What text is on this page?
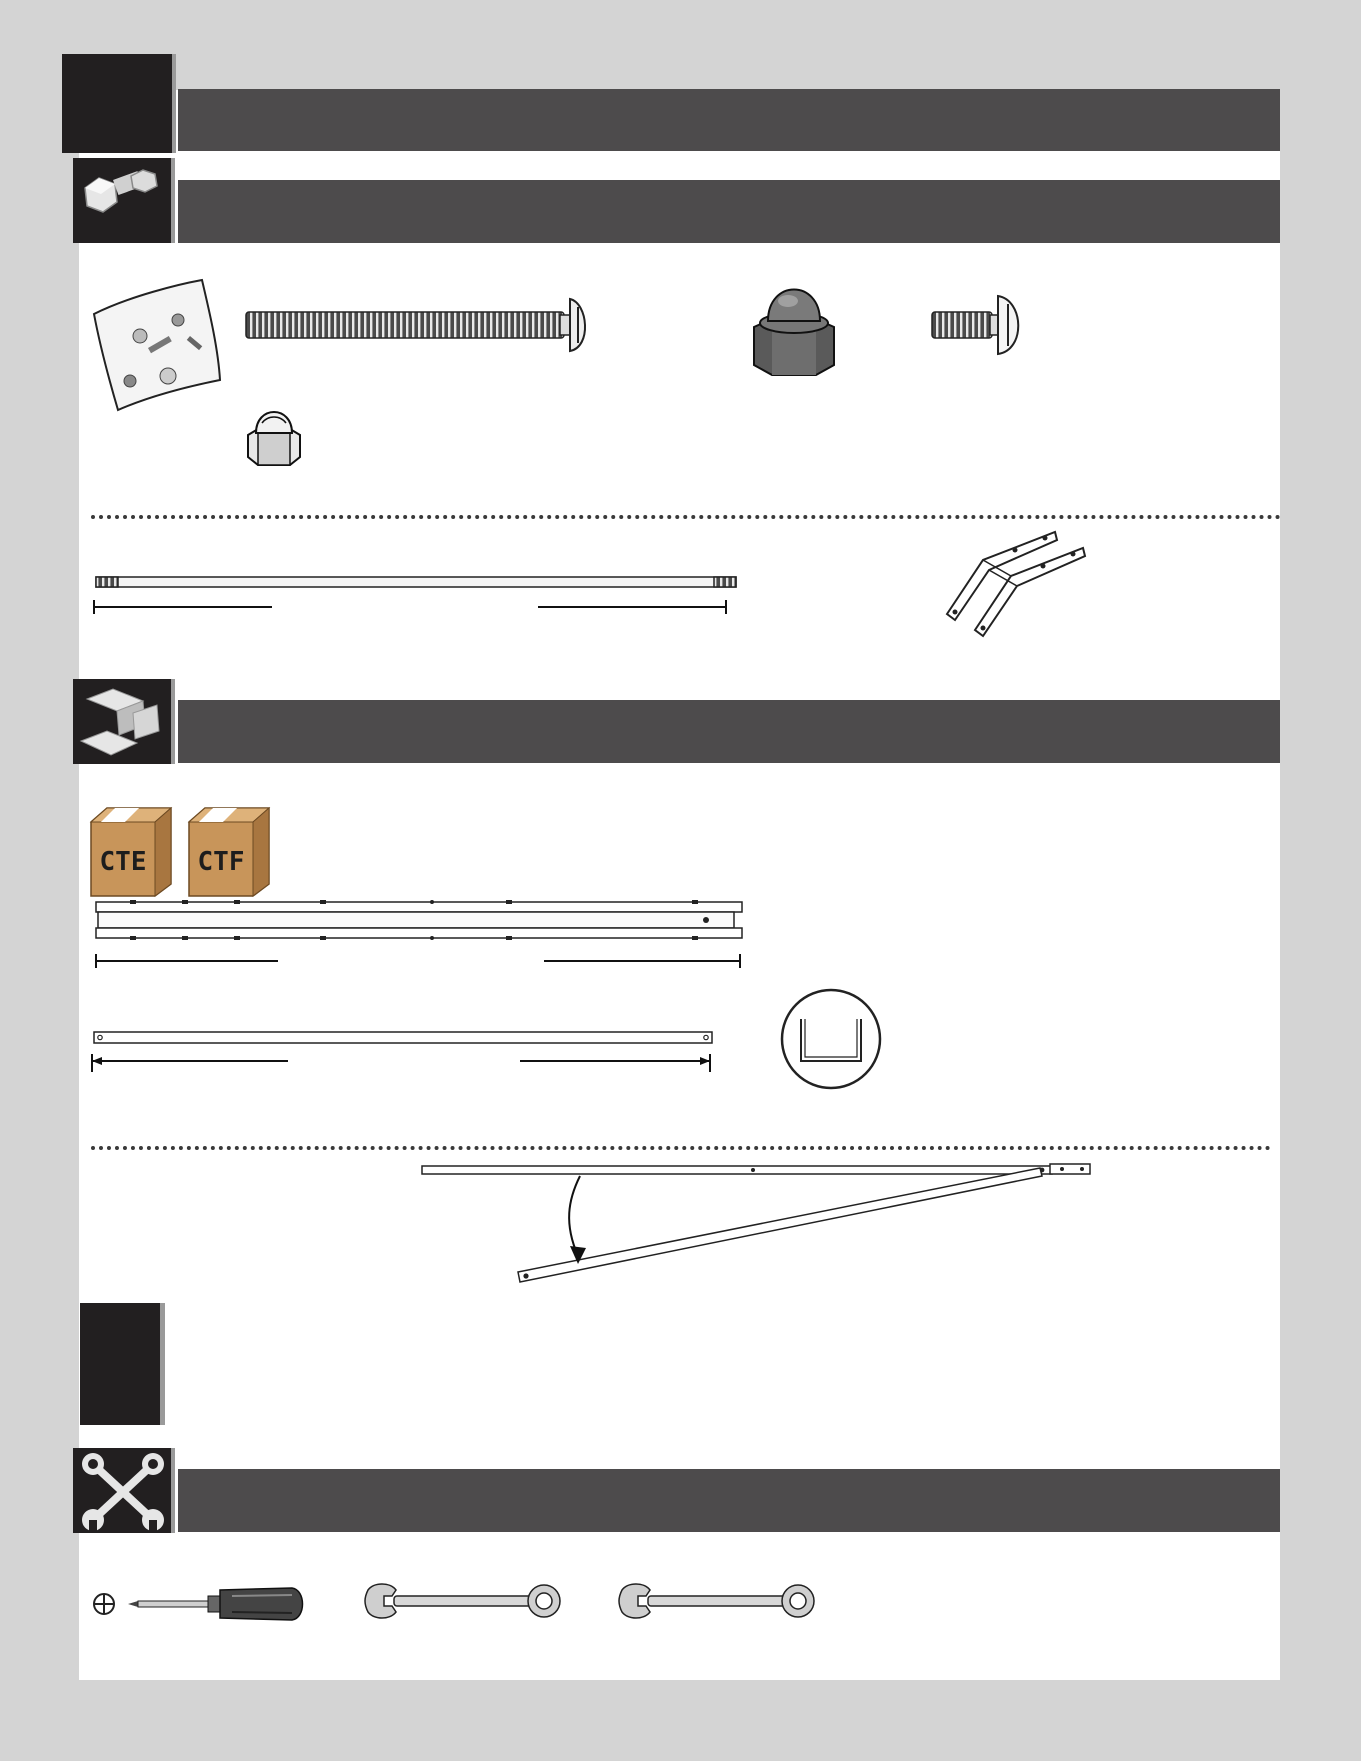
CTE CTF
